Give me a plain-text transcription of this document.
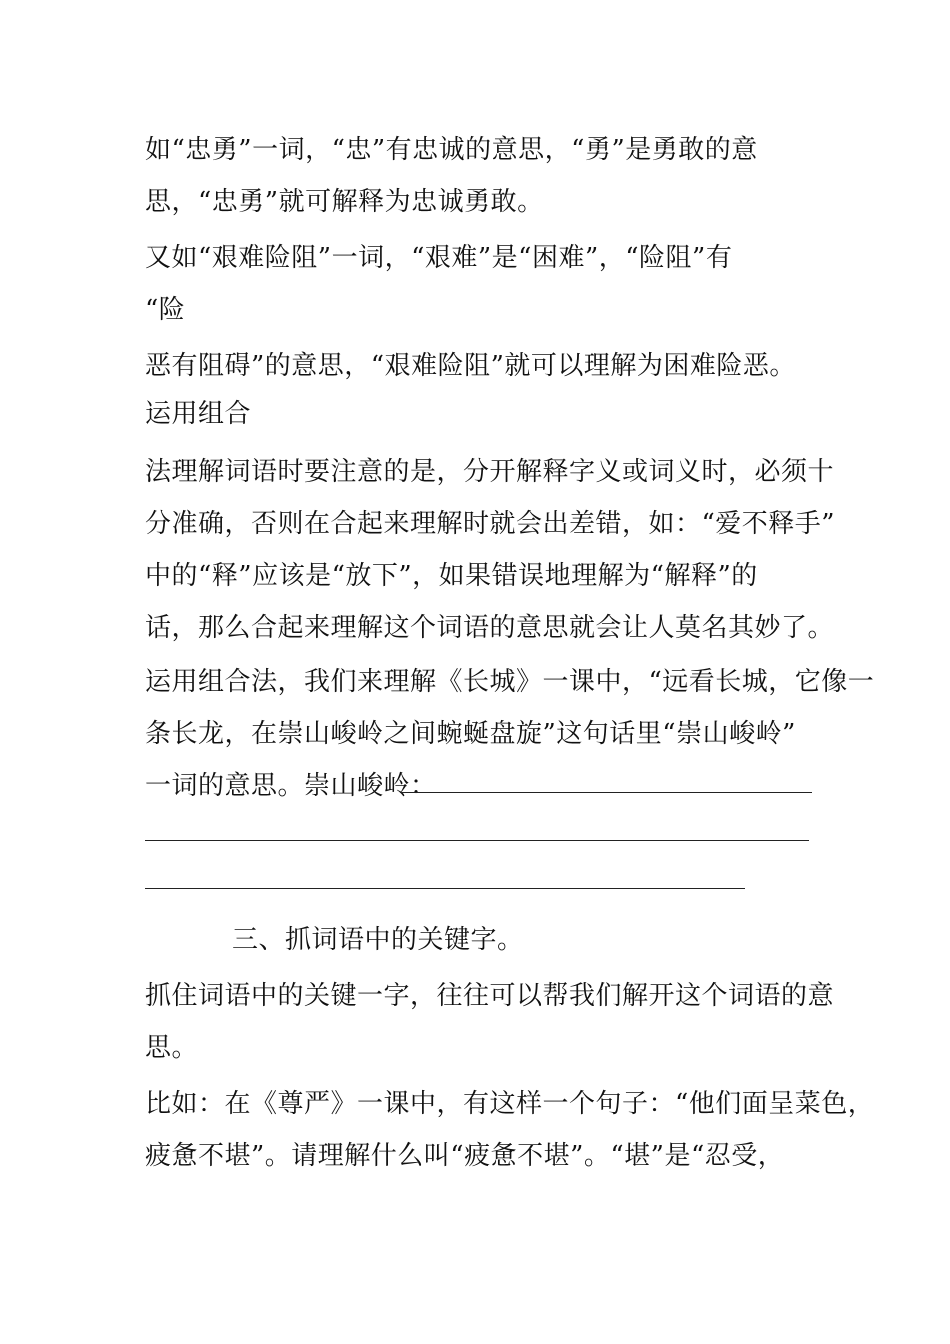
如“忠勇”一词，“忠”有忠诚的意思，“勇”是勇敢的意
思，“忠勇”就可解释为忠诚勇敢。
又如“艰难险阻”一词，“艰难”是“困难”，“险阻”有
“险
恶有阻碍”的意思，“艰难险阻”就可以理解为困难险恶。
运用组合
法理解词语时要注意的是，分开解释字义或词义时，必须十
分准确，否则在合起来理解时就会出差错，如：“爱不释手”
中的“释”应该是“放下”，如果错误地理解为“解释”的
话，那么合起来理解这个词语的意思就会让人莫名其妙了。
运用组合法，我们来理解《长城》一课中，“远看长城，它像一
条长龙，在崇山峻岭之间蜿蜒盘旋”这句话里“崇山峻岭”
一词的意思。崇山峻岭：
三、抓词语中的关键字。
抓住词语中的关键一字，往往可以帮我们解开这个词语的意
思。
比如：在《尊严》一课中，有这样一个句子：“他们面呈菜色，
疲惫不堪”。请理解什么叫“疲惫不堪”。“堪”是“忍受，
